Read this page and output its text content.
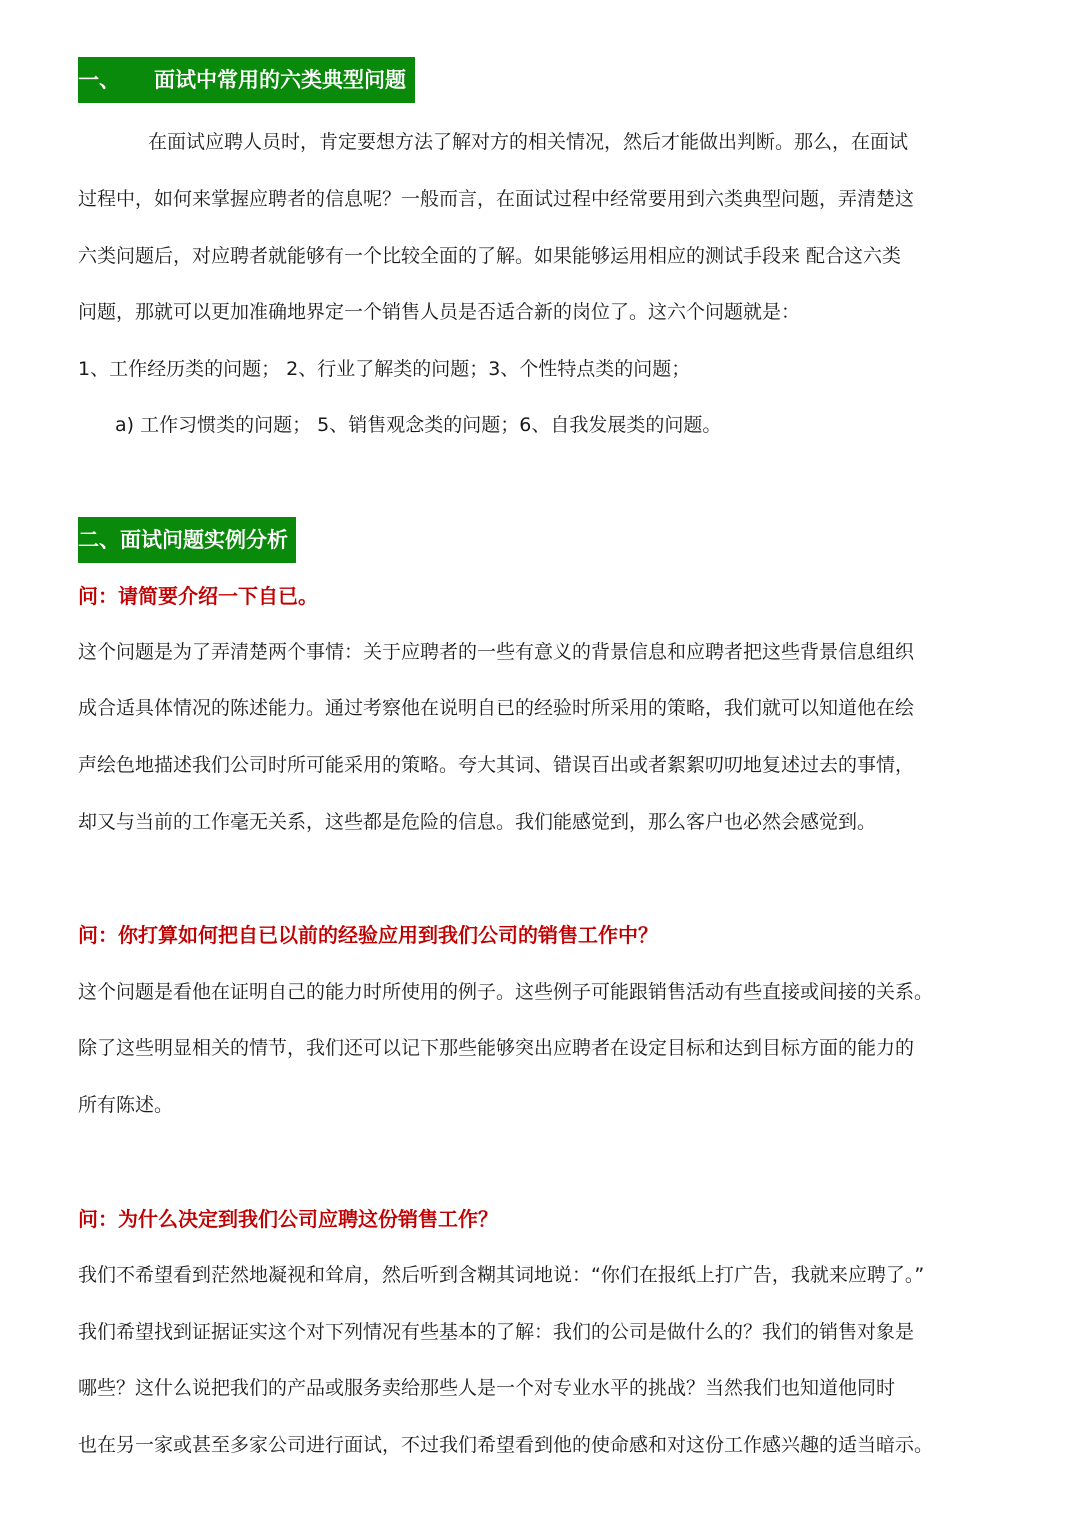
一、 面试中常用的六类典型问题
在面试应聘人员时，肯定要想方法了解对方的相关情况，然后才能做出判断。那么，在面试
过程中，如何来掌握应聘者的信息呢？一般而言，在面试过程中经常要用到六类典型问题，弄清楚这
六类问题后，对应聘者就能够有一个比较全面的了解。如果能够运用相应的测试手段来 配合这六类
问题，那就可以更加准确地界定一个销售人员是否适合新的岗位了。这六个问题就是：
1、工作经历类的问题； 2、行业了解类的问题；3、个性特点类的问题；
a) 工作习惯类的问题； 5、销售观念类的问题；6、自我发展类的问题。
二、面试问题实例分析
问：请简要介绍一下自已。
这个问题是为了弄清楚两个事情：关于应聘者的一些有意义的背景信息和应聘者把这些背景信息组织
成合适具体情况的陈述能力。通过考察他在说明自已的经验时所采用的策略，我们就可以知道他在绘
声绘色地描述我们公司时所可能采用的策略。夸大其词、错误百出或者絮絮叨叨地复述过去的事情，
却又与当前的工作毫无关系，这些都是危险的信息。我们能感觉到，那么客户也必然会感觉到。
问：你打算如何把自已以前的经验应用到我们公司的销售工作中？
这个问题是看他在证明自己的能力时所使用的例子。这些例子可能跟销售活动有些直接或间接的关系。
除了这些明显相关的情节，我们还可以记下那些能够突出应聘者在设定目标和达到目标方面的能力的
所有陈述。
问：为什么决定到我们公司应聘这份销售工作？
我们不希望看到茫然地凝视和耸肩，然后听到含糊其词地说：“你们在报纸上打广告，我就来应聘了。”
我们希望找到证据证实这个对下列情况有些基本的了解：我们的公司是做什么的？我们的销售对象是
哪些？这什么说把我们的产品或服务卖给那些人是一个对专业水平的挑战？当然我们也知道他同时
也在另一家或甚至多家公司进行面试，不过我们希望看到他的使命感和对这份工作感兴趣的适当暗示。
